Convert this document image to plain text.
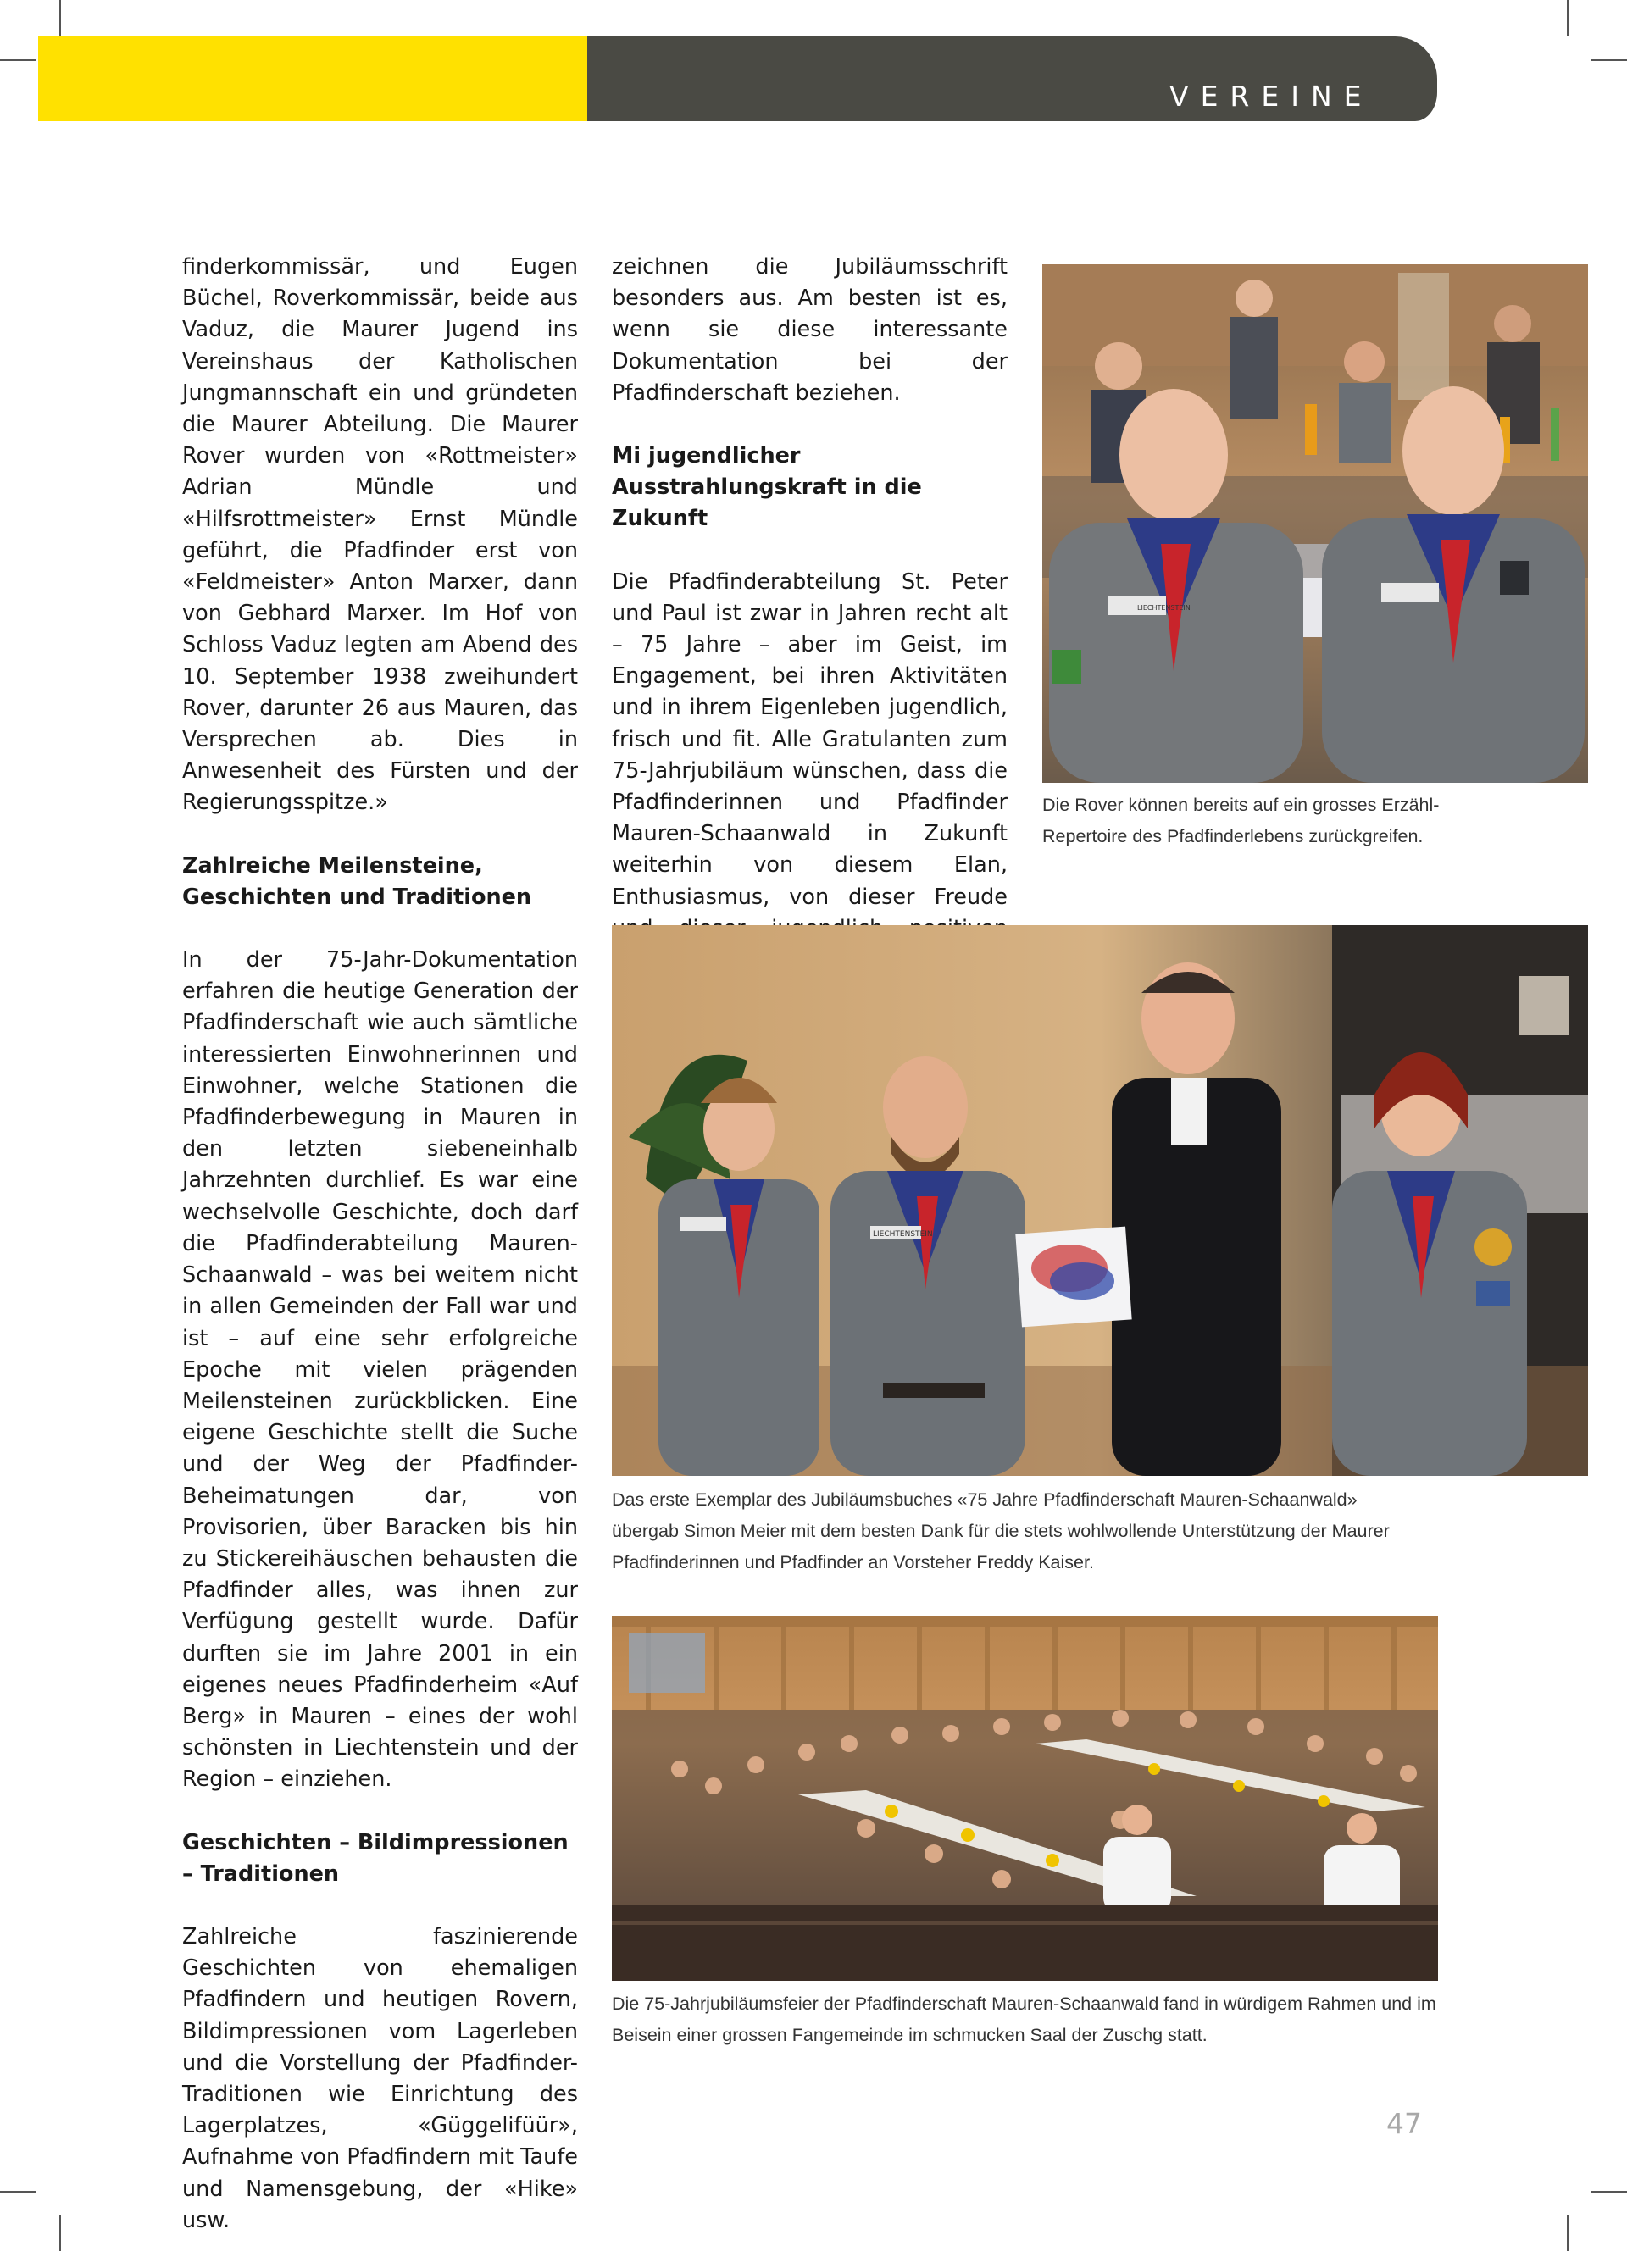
VEREINE

finderkommissär, und Eugen Büchel, Roverkommissär, beide aus Vaduz, die Maurer Jugend ins Vereinshaus der Katholischen Jungmannschaft ein und gründeten die Maurer Abteilung. Die Maurer Rover wurden von «Rottmeister» Adrian Mündle und «Hilfsrottmeister» Ernst Mündle geführt, die Pfadfinder erst von «Feldmeister» Anton Marxer, dann von Gebhard Marxer. Im Hof von Schloss Vaduz legten am Abend des 10. September 1938 zweihundert Rover, darunter 26 aus Mauren, das Versprechen ab. Dies in Anwesenheit des Fürsten und der Regierungsspitze.»

Zahlreiche Meilensteine, Geschichten und Traditionen

In der 75-Jahr-Dokumentation erfahren die heutige Generation der Pfadfinderschaft wie auch sämtliche interessierten Einwohnerinnen und Einwohner, welche Stationen die Pfadfinderbewegung in Mauren in den letzten siebeneinhalb Jahrzehnten durchlief. Es war eine wechselvolle Geschichte, doch darf die Pfadfinderabteilung Mauren-Schaanwald – was bei weitem nicht in allen Gemeinden der Fall war und ist – auf eine sehr erfolgreiche Epoche mit vielen prägenden Meilensteinen zurückblicken. Eine eigene Geschichte stellt die Suche und der Weg der Pfadfinder-Beheimatungen dar, von Provisorien, über Baracken bis hin zu Stickereihäuschen behausten die Pfadfinder alles, was ihnen zur Verfügung gestellt wurde. Dafür durften sie im Jahre 2001 in ein eigenes neues Pfadfinderheim «Auf Berg» in Mauren – eines der wohl schönsten in Liechtenstein und der Region – einziehen.

Geschichten – Bildimpressionen – Traditionen

Zahlreiche faszinierende Geschichten von ehemaligen Pfadfindern und heutigen Rovern, Bildimpressionen vom Lagerleben und die Vorstellung der Pfadfinder-Traditionen wie Einrichtung des Lagerplatzes, «Güggelifüür», Aufnahme von Pfadfindern mit Taufe und Namensgebung, der «Hike» usw.

zeichnen die Jubiläumsschrift besonders aus. Am besten ist es, wenn sie diese interessante Dokumentation bei der Pfadfinderschaft beziehen.

Mi jugendlicher Ausstrahlungskraft in die Zukunft

Die Pfadfinderabteilung St. Peter und Paul ist zwar in Jahren recht alt – 75 Jahre – aber im Geist, im Engagement, bei ihren Aktivitäten und in ihrem Eigenleben jugendlich, frisch und fit. Alle Gratulanten zum 75-Jahrjubiläum wünschen, dass die Pfadfinderinnen und Pfadfinder Mauren-Schaanwald in Zukunft weiterhin von diesem Elan, Enthusiasmus, von dieser Freude

LIECHTENSTEIN
Die Rover können bereits auf ein grosses Erzähl-Repertoire des Pfadfinderlebens zurückgreifen.
LIECHTENSTEIN
Das erste Exemplar des Jubiläumsbuches «75 Jahre Pfadfinderschaft Mauren-Schaanwald» übergab Simon Meier mit dem besten Dank für die stets wohlwollende Unterstützung der Maurer Pfadfinderinnen und Pfadfinder an Vorsteher Freddy Kaiser.
Die 75-Jahrjubiläumsfeier der Pfadfinderschaft Mauren-Schaanwald fand in würdigem Rahmen und im Beisein einer grossen Fangemeinde im schmucken Saal der Zuschg statt.
47
